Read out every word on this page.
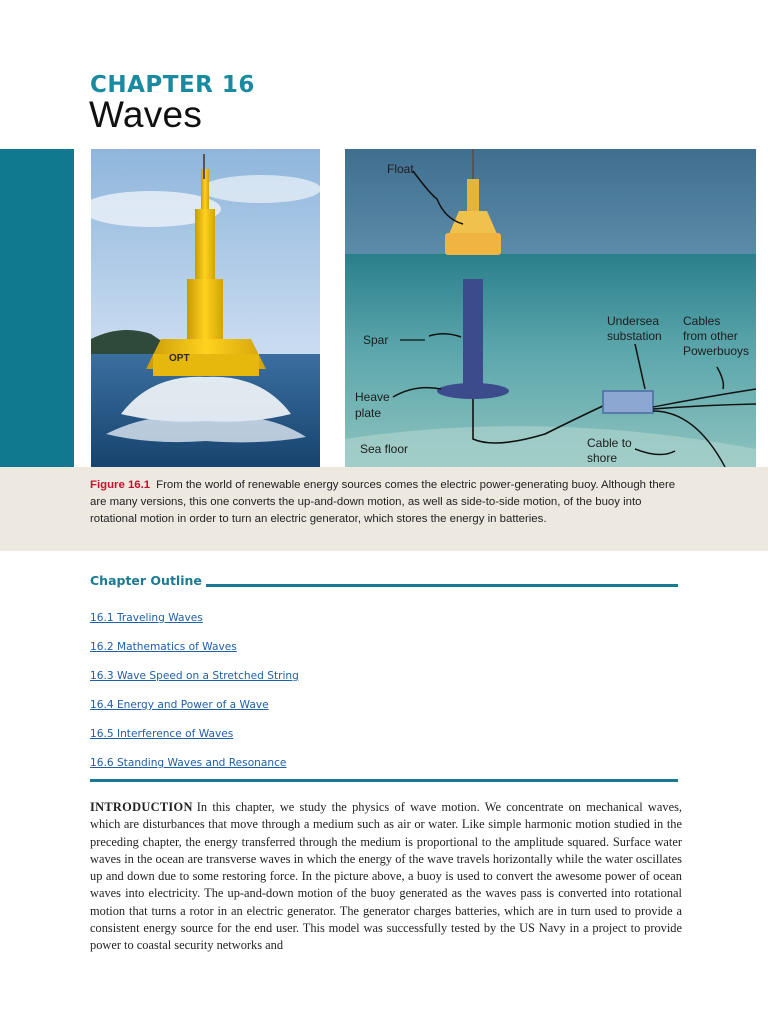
CHAPTER 16
Waves
OPT
Float
Spar
Heave
plate
Sea floor
Undersea
substation
Cables
from other
Powerbuoys
Cable to
shore

Figure 16.1 From the world of renewable energy sources comes the electric power-generating buoy. Although there are many versions, this one converts the up-and-down motion, as well as side-to-side motion, of the buoy into rotational motion in order to turn an electric generator, which stores the energy in batteries.

Chapter Outline
16.1 Traveling Waves
16.2 Mathematics of Waves
16.3 Wave Speed on a Stretched String
16.4 Energy and Power of a Wave
16.5 Interference of Waves
16.6 Standing Waves and Resonance

INTRODUCTION In this chapter, we study the physics of wave motion. We concentrate on mechanical waves, which are disturbances that move through a medium such as air or water. Like simple harmonic motion studied in the preceding chapter, the energy transferred through the medium is proportional to the amplitude squared. Surface water waves in the ocean are transverse waves in which the energy of the wave travels horizontally while the water oscillates up and down due to some restoring force. In the picture above, a buoy is used to convert the awesome power of ocean waves into electricity. The up-and-down motion of the buoy generated as the waves pass is converted into rotational motion that turns a rotor in an electric generator. The generator charges batteries, which are in turn used to provide a consistent energy source for the end user. This model was successfully tested by the US Navy in a project to provide power to coastal security networks and
